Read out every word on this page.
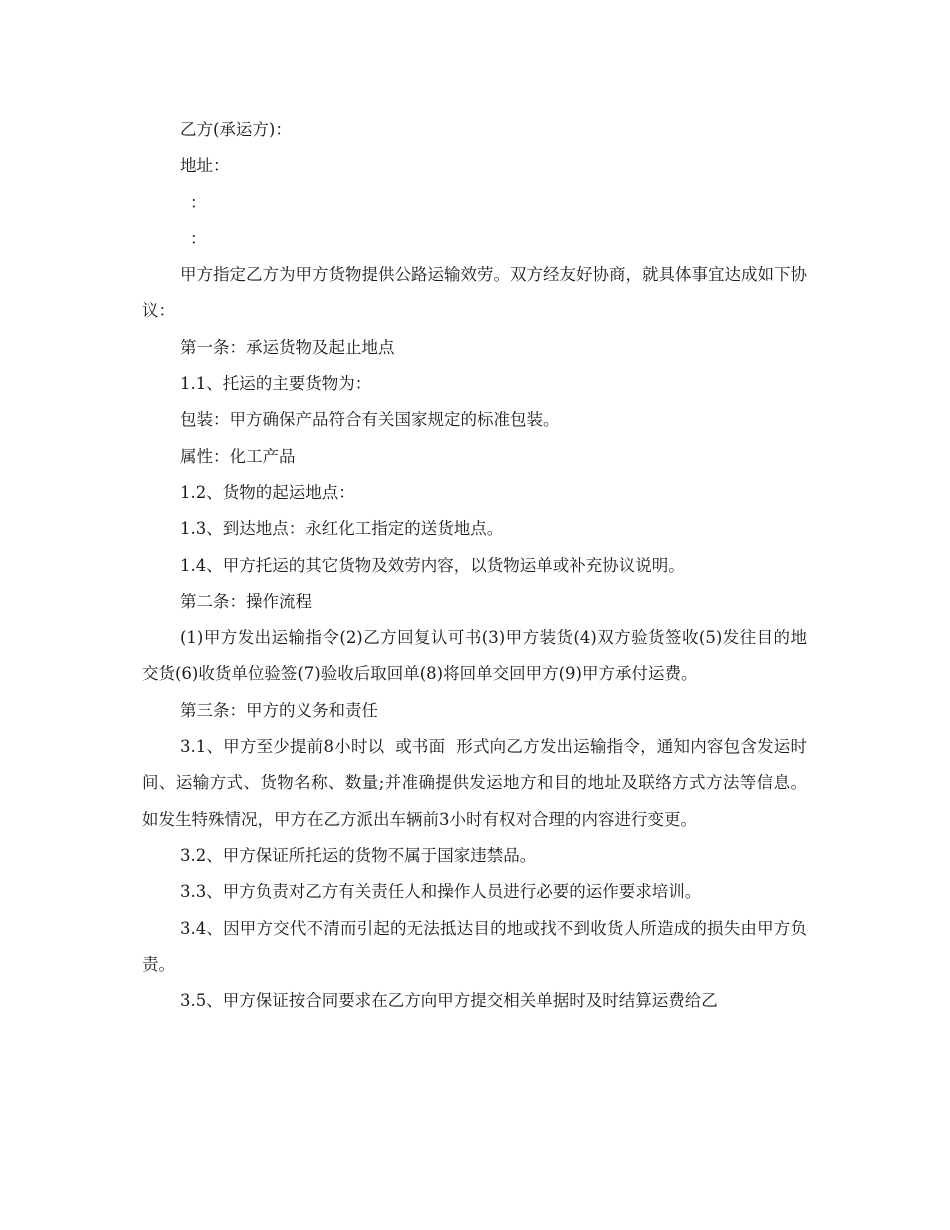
乙方(承运方)：

地址：

：

：

甲方指定乙方为甲方货物提供公路运输效劳。双方经友好协商，就具体事宜达成如下协议：

第一条：承运货物及起止地点

1.1、托运的主要货物为：

包装：甲方确保产品符合有关国家规定的标准包装。

属性：化工产品

1.2、货物的起运地点：

1.3、到达地点：永红化工指定的送货地点。

1.4、甲方托运的其它货物及效劳内容，以货物运单或补充协议说明。

第二条：操作流程

(1)甲方发出运输指令(2)乙方回复认可书(3)甲方装货(4)双方验货签收(5)发往目的地交货(6)收货单位验签(7)验收后取回单(8)将回单交回甲方(9)甲方承付运费。

第三条：甲方的义务和责任

3.1、甲方至少提前8小时以  或书面  形式向乙方发出运输指令，通知内容包含发运时间、运输方式、货物名称、数量;并准确提供发运地方和目的地址及联络方式方法等信息。如发生特殊情况，甲方在乙方派出车辆前3小时有权对合理的内容进行变更。

3.2、甲方保证所托运的货物不属于国家违禁品。

3.3、甲方负责对乙方有关责任人和操作人员进行必要的运作要求培训。

3.4、因甲方交代不清而引起的无法抵达目的地或找不到收货人所造成的损失由甲方负责。

3.5、甲方保证按合同要求在乙方向甲方提交相关单据时及时结算运费给乙
